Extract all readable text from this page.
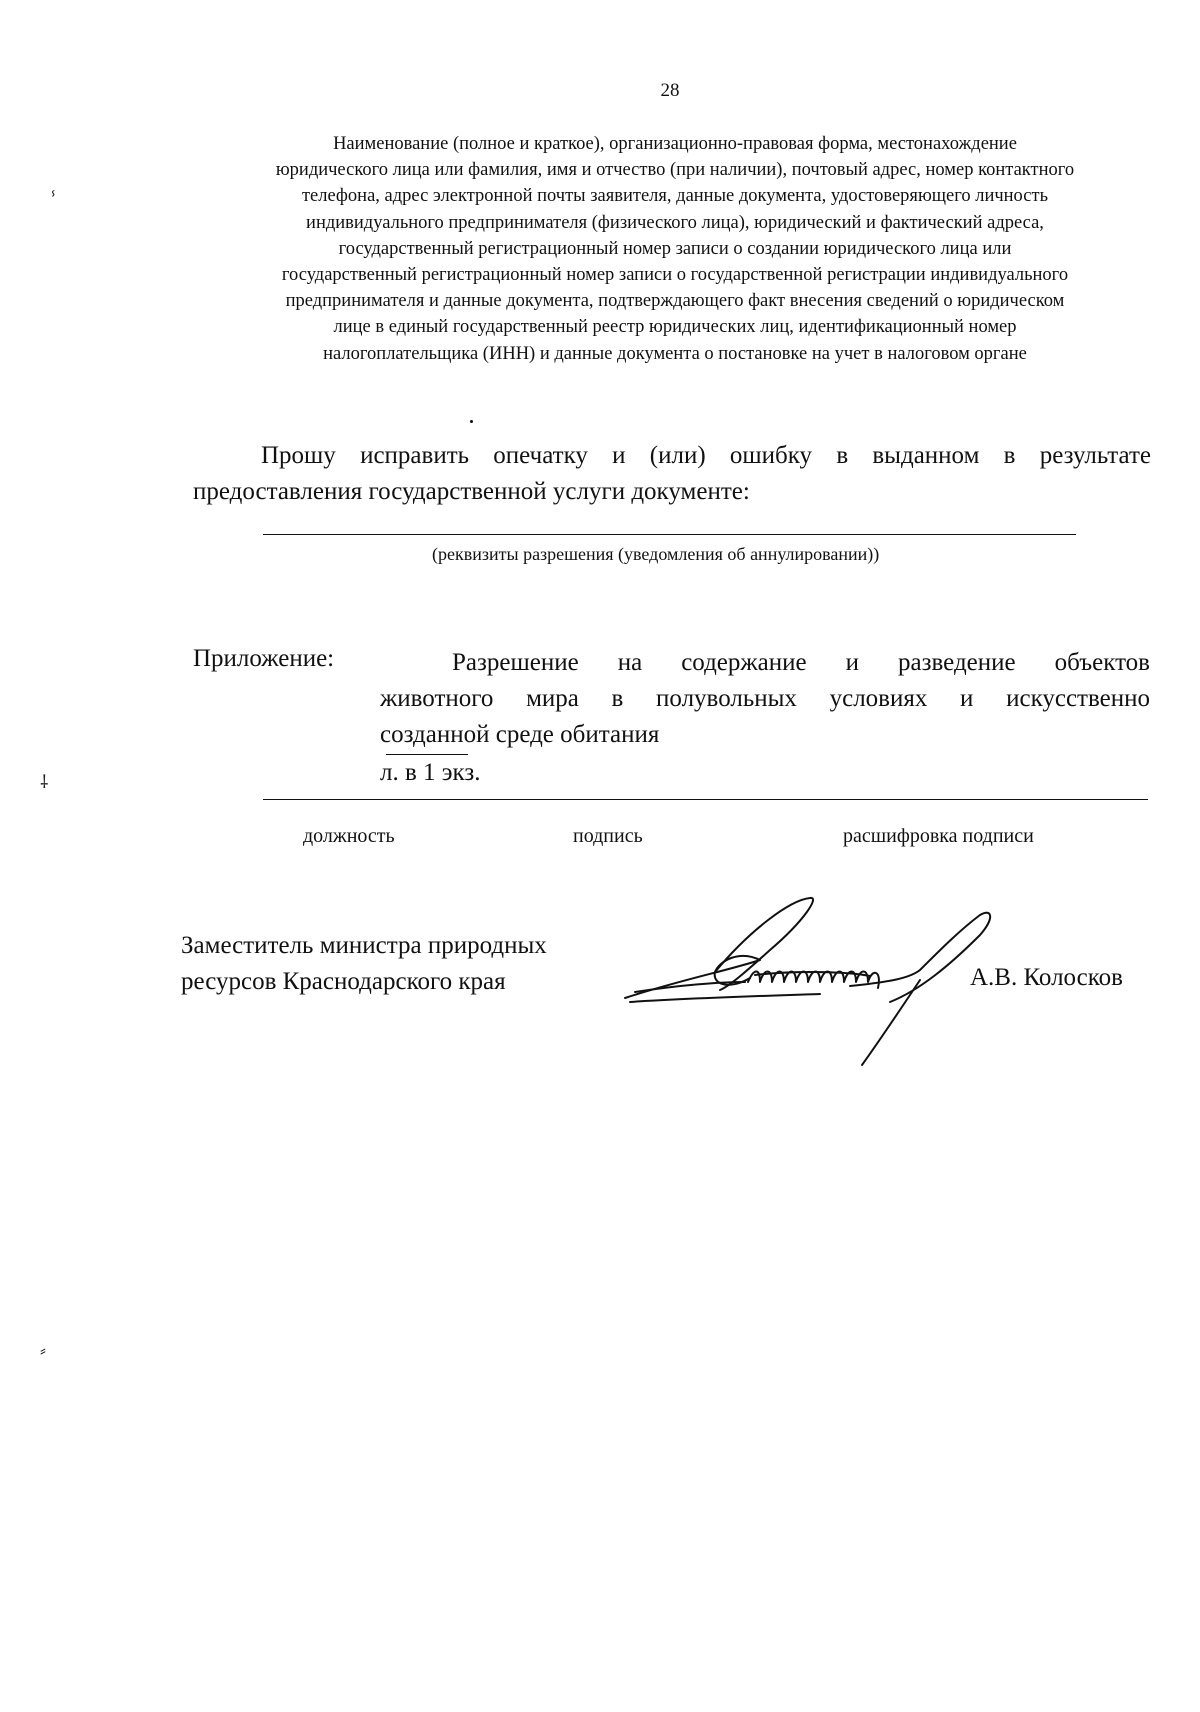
28
Наименование (полное и краткое), организационно-правовая форма, местонахождение
юридического лица или фамилия, имя и отчество (при наличии), почтовый адрес, номер контактного
телефона, адрес электронной почты заявителя, данные документа, удостоверяющего личность
индивидуального предпринимателя (физического лица), юридический и фактический адреса,
государственный регистрационный номер записи о создании юридического лица или
государственный регистрационный номер записи о государственной регистрации индивидуального
предпринимателя и данные документа, подтверждающего факт внесения сведений о юридическом
лице в единый государственный реестр юридических лиц, идентификационный номер
налогоплательщика (ИНН) и данные документа о постановке на учет в налоговом органе
Прошу исправить опечатку и (или) ошибку в выданном в результате
предоставления государственной услуги документе:
(реквизиты разрешения (уведомления об аннулировании))
Приложение:	Разрешение на содержание и разведение объектов
животного мира в полувольных условиях и искусственно
созданной среде обитания
л. в 1 экз.
должность	подпись	расшифровка подписи
Заместитель министра природных
ресурсов Краснодарского края	А.В. Колосков
ⸯ
⸸
⸗
